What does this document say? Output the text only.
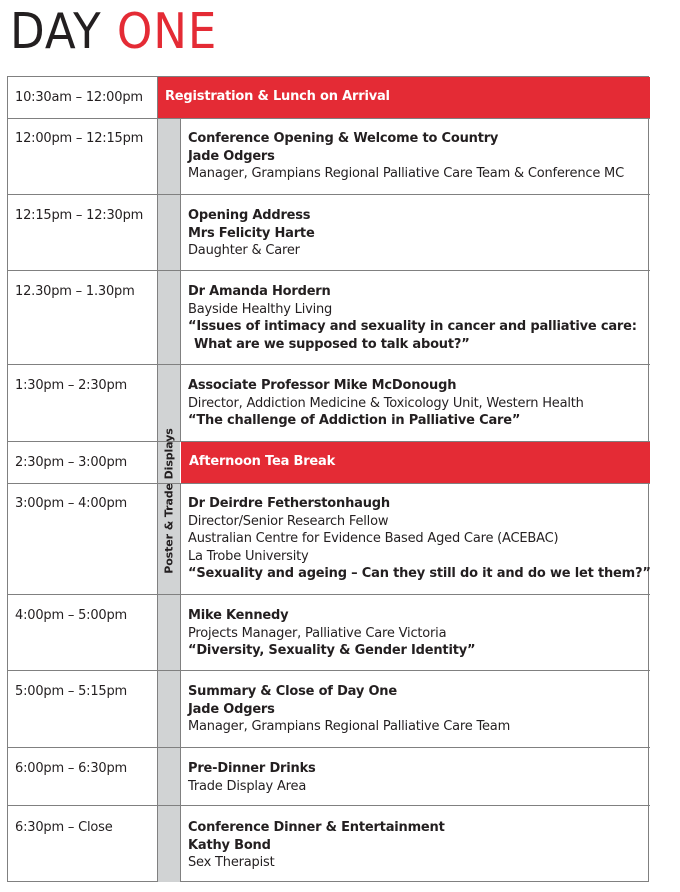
DAY ONE
10:30am – 12:00pm Registration & Lunch on Arrival
Poster & Trade Displays
12:00pm – 12:15pm	Conference Opening & Welcome to Country
Jade Odgers
Manager, Grampians Regional Palliative Care Team & Conference MC
12:15pm – 12:30pm	Opening Address
Mrs Felicity Harte
Daughter & Carer
12.30pm – 1.30pm	Dr Amanda Hordern
Bayside Healthy Living
“Issues of intimacy and sexuality in cancer and palliative care:
What are we supposed to talk about?”
1:30pm – 2:30pm	Associate Professor Mike McDonough
Director, Addiction Medicine & Toxicology Unit, Western Health
“The challenge of Addiction in Palliative Care”
2:30pm – 3:00pm	Afternoon Tea Break
3:00pm – 4:00pm	Dr Deirdre Fetherstonhaugh
Director/Senior Research Fellow
Australian Centre for Evidence Based Aged Care (ACEBAC)
La Trobe University
“Sexuality and ageing – Can they still do it and do we let them?”
4:00pm – 5:00pm	Mike Kennedy
Projects Manager, Palliative Care Victoria
“Diversity, Sexuality & Gender Identity”
5:00pm – 5:15pm	Summary & Close of Day One
Jade Odgers
Manager, Grampians Regional Palliative Care Team
6:00pm – 6:30pm	Pre-Dinner Drinks
Trade Display Area
6:30pm – Close	Conference Dinner & Entertainment
Kathy Bond
Sex Therapist
